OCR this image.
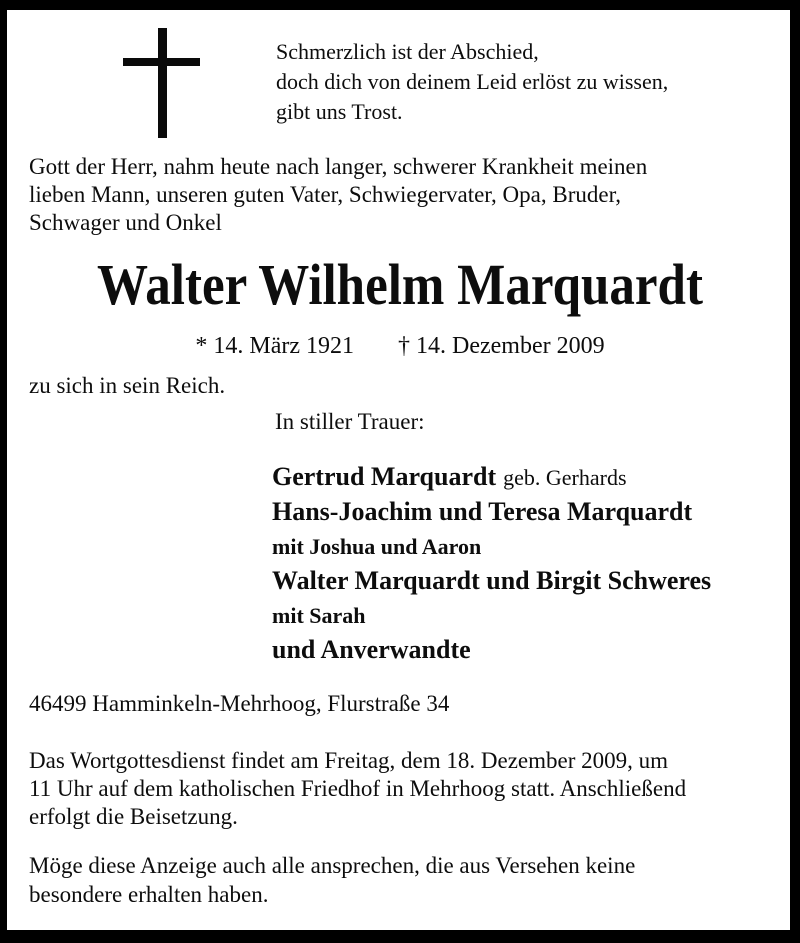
Schmerzlich ist der Abschied,
doch dich von deinem Leid erlöst zu wissen,
gibt uns Trost.
Gott der Herr, nahm heute nach langer, schwerer Krankheit meinen
lieben Mann, unseren guten Vater, Schwiegervater, Opa, Bruder,
Schwager und Onkel
Walter Wilhelm Marquardt
* 14. März 1921 † 14. Dezember 2009
zu sich in sein Reich.
In stiller Trauer:
Gertrud Marquardt geb. Gerhards
Hans-Joachim und Teresa Marquardt
mit Joshua und Aaron
Walter Marquardt und Birgit Schweres
mit Sarah
und Anverwandte
46499 Hamminkeln-Mehrhoog, Flurstraße 34
Das Wortgottesdienst findet am Freitag, dem 18. Dezember 2009, um
11 Uhr auf dem katholischen Friedhof in Mehrhoog statt. Anschließend
erfolgt die Beisetzung.
Möge diese Anzeige auch alle ansprechen, die aus Versehen keine
besondere erhalten haben.
